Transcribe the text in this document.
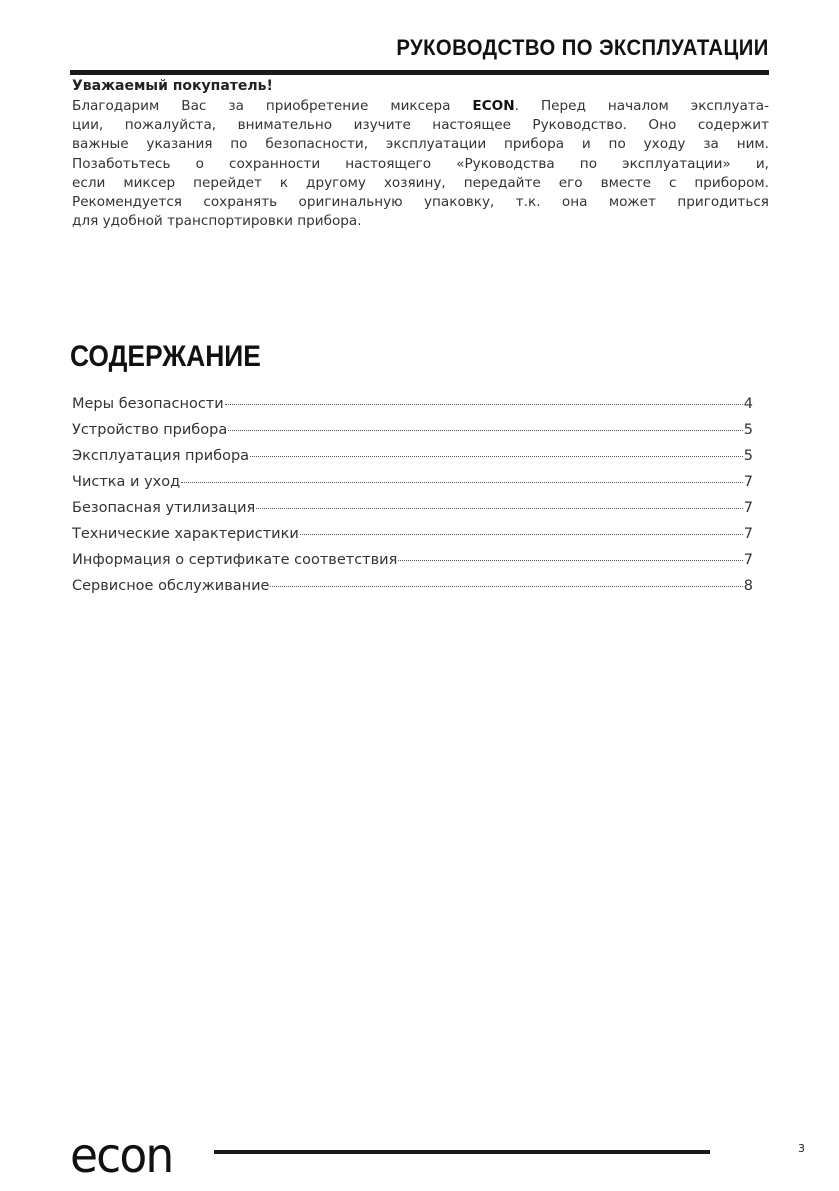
РУКОВОДСТВО ПО ЭКСПЛУАТАЦИИ
Уважаемый покупатель!
Благодарим Вас за приобретение миксера ECON. Перед началом эксплуата-
ции, пожалуйста, внимательно изучите настоящее Руководство. Оно содержит
важные указания по безопасности, эксплуатации прибора и по уходу за ним.
Позаботьтесь о сохранности настоящего «Руководства по эксплуатации» и,
если миксер перейдет к другому хозяину, передайте его вместе с прибором.
Рекомендуется сохранять оригинальную упаковку, т.к. она может пригодиться
для удобной транспортировки прибора.
СОДЕРЖАНИЕ
Меры безопасности	4
Устройство прибора	5
Эксплуатация прибора	5
Чистка и уход	7
Безопасная утилизация	7
Технические характеристики	7
Информация о сертификате соответствия	7
Сервисное обслуживание	8
econ	3
